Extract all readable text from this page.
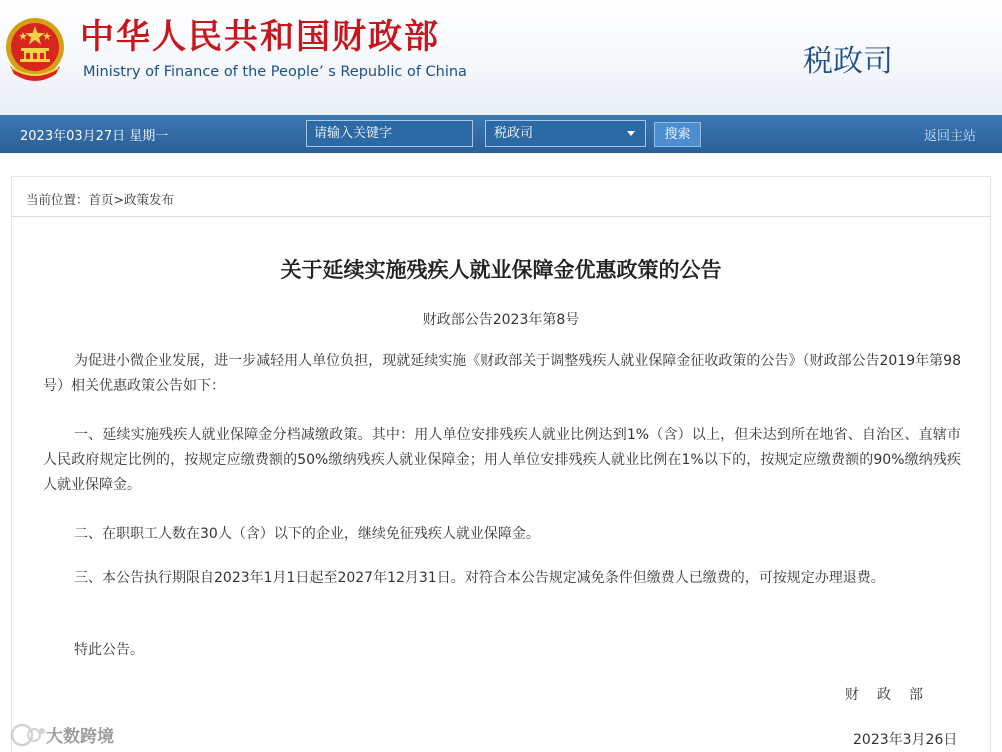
中华人民共和国财政部
Ministry of Finance of the People’ s Republic of China	税政司
2023年03月27日 星期一
请输入关键字	税政司	搜索	返回主站
当前位置：首页>政策发布
关于延续实施残疾人就业保障金优惠政策的公告
财政部公告2023年第8号

为促进小微企业发展，进一步减轻用人单位负担，现就延续实施《财政部关于调整残疾人就业保障金征收政策的公告》（财政部公告2019年第98号）相关优惠政策公告如下：

一、延续实施残疾人就业保障金分档减缴政策。其中：用人单位安排残疾人就业比例达到1%（含）以上，但未达到所在地省、自治区、直辖市人民政府规定比例的，按规定应缴费额的50%缴纳残疾人就业保障金；用人单位安排残疾人就业比例在1%以下的，按规定应缴费额的90%缴纳残疾人就业保障金。

二、在职职工人数在30人（含）以下的企业，继续免征残疾人就业保障金。

三、本公告执行期限自2023年1月1日起至2027年12月31日。对符合本公告规定减免条件但缴费人已缴费的，可按规定办理退费。

特此公告。

财政部
2023年3月26日
大数跨境
